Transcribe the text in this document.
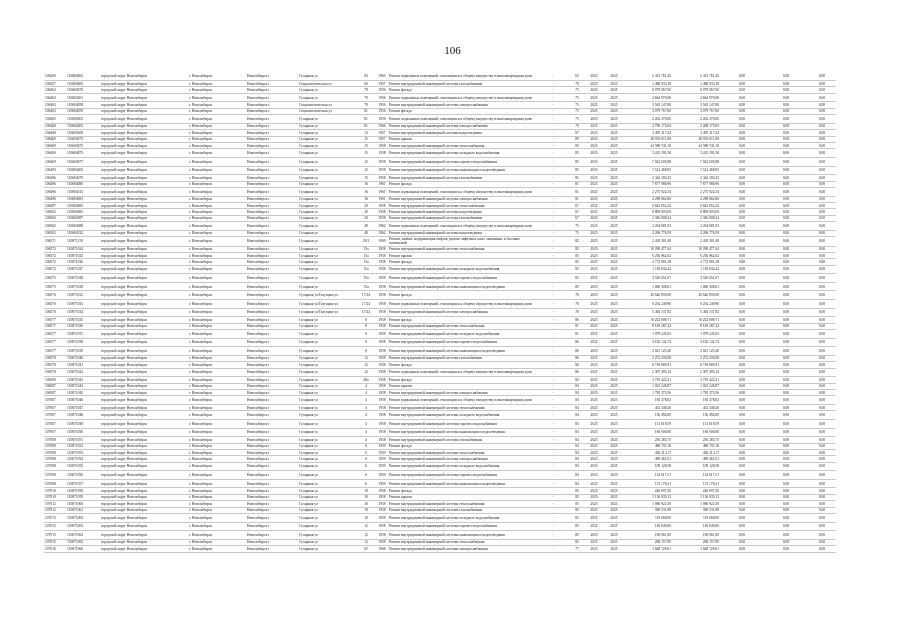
106
106456	110684063	городской округ Новосибирск	г. Новосибирск	Новосибирск г	Сухарная ул	83	1963	Ремонт подвальных помещений, относящихся к общему имуществу в многоквартирном доме	-	65	2025	2025	2 415 761,45	2 415 761,45	0,00	0,00	0,00
106457	110684065	городской округ Новосибирск	г. Новосибирск	Новосибирск г	Социалистическая ул	66	1957	Ремонт внутридомовой инженерной системы газоснабжения	-	79	2025	2025	1 480 933,18	1 480 933,18	0,00	0,00	0,00
106462	110684070	городской округ Новосибирск	г. Новосибирск	Новосибирск г	Сухарная ул	79	1956	Ремонт фасада	-	75	2025	2025	8 079 967,00	8 079 967,00	0,00	0,00	0,00
106463	110684301	городской округ Новосибирск	г. Новосибирск	Новосибирск г	Сухарная ул	79	1956	Ремонт подвальных помещений, относящихся к общему имуществу в многоквартирном доме	-	75	2025	2025	2 664 970,00	2 664 970,00	0,00	0,00	0,00
106463	110684058	городской округ Новосибирск	г. Новосибирск	Новосибирск г	Социалистическая ул	79	1956	Ремонт внутридомовой инженерной системы электроснабжения	-	75	2025	2025	3 543 147,00	3 543 147,00	0,00	0,00	0,00
106463	110684059	городской округ Новосибирск	г. Новосибирск	Новосибирск г	Социалистическая ул	81	1956	Ремонт фасада	-	75	2025	2025	3 079 767,00	3 079 767,00	0,00	0,00	0,00
106465	110684303	городской округ Новосибирск	г. Новосибирск	Новосибирск г	Сухарная ул	81	1956	Ремонт подвальных помещений, относящихся к общему имуществу в многоквартирном доме	-	75	2025	2025	2 264 470,00	2 264 470,00	0,00	0,00	0,00
106468	110684305	городской округ Новосибирск	г. Новосибирск	Новосибирск г	Сухарная ул	81	1966	Ремонт внутридомовой инженерной системы электроснабжения	-	79	2025	2025	2 796 173,94	2 208 175,83	0,00	0,00	0,00
106468	110684308	городской округ Новосибирск	г. Новосибирск	Новосибирск г	Сухарная ул	13	1957	Ремонт внутридомовой инженерной системы водоотведения	-	87	2025	2025	3 491 117,24	3 491 117,24	0,00	0,00	0,00
106469	110684073	городской округ Новосибирск	г. Новосибирск	Новосибирск г	Сухарная ул	15	1957	Ремонт крыши	-	89	2025	2025	20 053 011,80	20 053 011,80	0,00	0,00	0,00
106469	110684075	городской округ Новосибирск	г. Новосибирск	Новосибирск г	Сухарная ул	15	1958	Ремонт внутридомовой инженерной системы теплоснабжения	-	85	2025	2025	24 580 741,10	24 580 741,10	0,00	0,00	0,00
106469	110684075	городской округ Новосибирск	г. Новосибирск	Новосибирск г	Сухарная ул	15	1958	Ремонт внутридомовой инженерной системы холодного водоснабжения	-	85	2025	2025	5 225 391,58	5 225 391,58	0,00	0,00	0,00
106469	110684077	городской округ Новосибирск	г. Новосибирск	Новосибирск г	Сухарная ул	15	1958	Ремонт внутридомовой инженерной системы горячего водоснабжения	-	85	2025	2025	7 022 605,88	7 022 605,88	0,00	0,00	0,00
106493	110684205	городской округ Новосибирск	г. Новосибирск	Новосибирск г	Сухарная ул	15	1958	Ремонт внутридомовой инженерной системы канализации и водоотведения	-	85	2025	2025	1 521 468,95	1 521 468,95	0,00	0,00	0,00
106496	110684079	городской округ Новосибирск	г. Новосибирск	Новосибирск г	Сухарная ул	15	1958	Ремонт внутридомовой инженерной системы газоснабжения	-	85	2025	2025	2 342 203,33	2 342 203,33	0,00	0,00	0,00
106496	110684080	городской округ Новосибирск	г. Новосибирск	Новосибирск г	Сухарная ул	16	1961	Ремонт фасада	-	81	2025	2025	7 677 986,96	7 677 986,96	0,00	0,00	0,00
106496	110684313	городской округ Новосибирск	г. Новосибирск	Новосибирск г	Сухарная ул	16	1961	Ремонт подвальных помещений, относящихся к общему имуществу в многоквартирном доме	-	81	2025	2025	2 275 922,54	2 275 922,54	0,00	0,00	0,00
106496	110684081	городской округ Новосибирск	г. Новосибирск	Новосибирск г	Сухарная ул	16	1961	Ремонт внутридомовой инженерной системы электроснабжения	-	81	2025	2025	4 298 862,80	4 298 862,80	0,00	0,00	0,00
106497	110684083	городской округ Новосибирск	г. Новосибирск	Новосибирск г	Сухарная ул	20	1958	Ремонт внутридомовой инженерной системы теплоснабжения	-	67	2025	2025	6 842 852,22	6 842 852,22	0,00	0,00	0,00
106502	110684082	городской округ Новосибирск	г. Новосибирск	Новосибирск г	Сухарная ул	20	1958	Ремонт внутридомовой инженерной системы водоотведения	-	67	2025	2025	8 809 905,06	8 809 905,06	0,00	0,00	0,00
106502	110684087	городской округ Новосибирск	г. Новосибирск	Новосибирск г	Сухарная ул	20	1958	Ремонт внутридомовой инженерной системы газоснабжения	-	67	2025	2025	2 326 808,24	2 326 808,24	0,00	0,00	0,00
106502	110684088	городской округ Новосибирск	г. Новосибирск	Новосибирск г	Сухарная ул	48	1962	Ремонт подвальных помещений, относящихся к общему имуществу в многоквартирном доме	-	75	2025	2025	2 264 081,03	2 264 081,03	0,00	0,00	0,00
106502	110684322	городской округ Новосибирск	г. Новосибирск	Новосибирск г	Сухарная ул	48	1962	Ремонт внутридомовой инженерной системы водоотведения	-	75	2025	2025	2 206 776,59	2 206 776,59	0,00	0,00	0,00
106571	110871110	городской округ Новосибирск	г. Новосибирск	Новосибирск г	Сухарная ул	29/1	1969	Ремонт, замена, модернизация лифтов, ремонт лифтовых шахт, машинных и блочных помещений	-	82	2025	2025	2 410 301,40	2 410 301,40	0,00	0,00	0,00
106572	110871024	городской округ Новосибирск	г. Новосибирск	Новосибирск г	Сухарная ул	15а	1958	Ремонт внутридомовой инженерной системы теплоснабжения	-	85	2025	2025	10 299 477,44	10 299 477,44	0,00	0,00	0,00
106572	110871025	городской округ Новосибирск	г. Новосибирск	Новосибирск г	Сухарная ул	15а	1958	Ремонт крыши	-	85	2025	2025	6 256 862,62	6 256 862,62	0,00	0,00	0,00
106572	110871026	городской округ Новосибирск	г. Новосибирск	Новосибирск г	Сухарная ул	15а	1958	Ремонт фасада	-	85	2025	2025	4 772 801,38	4 772 801,38	0,00	0,00	0,00
106572	110871027	городской округ Новосибирск	г. Новосибирск	Новосибирск г	Сухарная ул	15а	1958	Ремонт внутридомовой инженерной системы холодного водоснабжения	-	85	2025	2025	1 118 634,42	1 118 634,42	0,00	0,00	0,00
106575	110871028	городской округ Новосибирск	г. Новосибирск	Новосибирск г	Сухарная ул	15а	1958	Ремонт внутридомовой инженерной системы горячего водоснабжения	-	85	2025	2025	2 520 651,67	2 520 651,67	0,00	0,00	0,00
106575	110871029	городской округ Новосибирск	г. Новосибирск	Новосибирск г	Сухарная ул	15а	1958	Ремонт внутридомовой инженерной системы канализации и водоотведения	-	85	2025	2025	1 060 308,61	1 060 308,61	0,00	0,00	0,00
106576	110871032	городской округ Новосибирск	г. Новосибирск	Новосибирск г	Сухарная ул/Галущака ул	17/24	1958	Ремонт фасада	-	76	2025	2025	20 646 859,00	20 646 859,00	0,00	0,00	0,00
106576	110871033	городской округ Новосибирск	г. Новосибирск	Новосибирск г	Сухарная ул/Галущака ул	17/24	1958	Ремонт подвальных помещений, относящихся к общему имуществу в многоквартирном доме	-	76	2025	2025	6 254 249,90	6 254 249,90	0,00	0,00	0,00
106576	110871034	городской округ Новосибирск	г. Новосибирск	Новосибирск г	Сухарная ул/Галущака ул	17/24	1958	Ремонт внутридомовой инженерной системы электроснабжения	-	76	2025	2025	5 463 137,02	5 463 137,02	0,00	0,00	0,00
106577	110871035	городской округ Новосибирск	г. Новосибирск	Новосибирск г	Сухарная ул	8	1958	Ремонт фасада	-	86	2025	2025	10 232 009,71	10 232 009,71	0,00	0,00	0,00
106577	110871036	городской округ Новосибирск	г. Новосибирск	Новосибирск г	Сухарная ул	8	1958	Ремонт внутридомовой инженерной системы теплоснабжения	-	81	2025	2025	8 149 287,24	8 149 287,24	0,00	0,00	0,00
106577	110871037	городской округ Новосибирск	г. Новосибирск	Новосибирск г	Сухарная ул	8	1958	Ремонт внутридомовой инженерной системы холодного водоснабжения	-	81	2025	2025	1 979 245,03	1 979 245,03	0,00	0,00	0,00
106577	110871038	городской округ Новосибирск	г. Новосибирск	Новосибирск г	Сухарная ул	8	1958	Ремонт внутридомовой инженерной системы горячего водоснабжения	-	86	2025	2025	2 182 142,74	2 182 142,74	0,00	0,00	0,00
106577	110871039	городской округ Новосибирск	г. Новосибирск	Новосибирск г	Сухарная ул	8	1958	Ремонт внутридомовой инженерной системы канализации и водоотведения	-	86	2025	2025	2 021 125,40	2 021 125,40	0,00	0,00	0,00
106578	110871040	городской округ Новосибирск	г. Новосибирск	Новосибирск г	Сухарная ул	12	1958	Ремонт внутридомовой инженерной системы газоснабжения	-	86	2025	2025	2 272 230,08	2 272 230,08	0,00	0,00	0,00
106578	110871041	городской округ Новосибирск	г. Новосибирск	Новосибирск г	Сухарная ул	12	1958	Ремонт фасада	-	86	2025	2025	8 718 889,91	8 718 889,91	0,00	0,00	0,00
106578	110871042	городской округ Новосибирск	г. Новосибирск	Новосибирск г	Сухарная ул	12	1958	Ремонт подвальных помещений, относящихся к общему имуществу в многоквартирном доме	-	86	2025	2025	2 397 493,14	2 397 493,14	0,00	0,00	0,00
106580	110871043	городской округ Новосибирск	г. Новосибирск	Новосибирск г	Сухарная ул	48а	1958	Ремонт фасада	-	82	2025	2025	3 719 422,21	3 719 422,21	0,00	0,00	0,00
106587	110871044	городской округ Новосибирск	г. Новосибирск	Новосибирск г	Сухарная ул	4	1958	Ремонт крыши	-	84	2025	2025	1 023 245,87	1 023 245,87	0,00	0,00	0,00
106587	110871045	городской округ Новосибирск	г. Новосибирск	Новосибирск г	Сухарная ул	4	1958	Ремонт внутридомовой инженерной системы электроснабжения	-	84	2025	2025	1 795 373,56	1 795 373,56	0,00	0,00	0,00
107007	110871046	городской округ Новосибирск	г. Новосибирск	Новосибирск г	Сухарная ул	4	1958	Ремонт подвальных помещений, относящихся к общему имуществу в многоквартирном доме	-	84	2025	2025	183 378,82	183 378,82	0,00	0,00	0,00
107007	110871047	городской округ Новосибирск	г. Новосибирск	Новосибирск г	Сухарная ул	4	1958	Ремонт внутридомовой инженерной системы теплоснабжения	-	84	2025	2025	452 348,26	452 348,26	0,00	0,00	0,00
107007	110871048	городской округ Новосибирск	г. Новосибирск	Новосибирск г	Сухарная ул	4	1958	Ремонт внутридомовой инженерной системы холодного водоснабжения	-	84	2025	2025	156 492,00	156 492,00	0,00	0,00	0,00
107007	110871049	городской округ Новосибирск	г. Новосибирск	Новосибирск г	Сухарная ул	4	1958	Ремонт внутридомовой инженерной системы горячего водоснабжения	-	84	2025	2025	151 618,59	151 618,59	0,00	0,00	0,00
107007	110871050	городской округ Новосибирск	г. Новосибирск	Новосибирск г	Сухарная ул	4	1958	Ремонт внутридомовой инженерной системы канализации и водоотведения	-	84	2025	2025	160 600,00	160 600,00	0,00	0,00	0,00
107008	110871051	городской округ Новосибирск	г. Новосибирск	Новосибирск г	Сухарная ул	4	1958	Ремонт внутридомовой инженерной системы газоснабжения	-	84	2025	2025	256 283,75	256 283,75	0,00	0,00	0,00
107008	110871052	городской округ Новосибирск	г. Новосибирск	Новосибирск г	Сухарная ул	6	1959	Ремонт фасада	-	84	2025	2025	486 701,16	486 701,16	0,00	0,00	0,00
107008	110871053	городской округ Новосибирск	г. Новосибирск	Новосибирск г	Сухарная ул	6	1959	Ремонт внутридомовой инженерной системы теплоснабжения	-	84	2025	2025	436 213,17	436 213,17	0,00	0,00	0,00
107008	110871054	городской округ Новосибирск	г. Новосибирск	Новосибирск г	Сухарная ул	6	1959	Ремонт внутридомовой инженерной системы электроснабжения	-	84	2025	2025	499 465,51	499 465,51	0,00	0,00	0,00
107008	110871055	городской округ Новосибирск	г. Новосибирск	Новосибирск г	Сухарная ул	6	1959	Ремонт внутридомовой инженерной системы холодного водоснабжения	-	84	2025	2025	109 128,58	109 128,58	0,00	0,00	0,00
107008	110871056	городской округ Новосибирск	г. Новосибирск	Новосибирск г	Сухарная ул	6	1959	Ремонт внутридомовой инженерной системы горячего водоснабжения	-	84	2025	2025	123 617,21	123 617,21	0,00	0,00	0,00
107008	110871057	городской округ Новосибирск	г. Новосибирск	Новосибирск г	Сухарная ул	6	1959	Ремонт внутридомовой инженерной системы канализации и водоотведения	-	84	2025	2025	131 178,41	131 178,41	0,00	0,00	0,00
107010	110871058	городской округ Новосибирск	г. Новосибирск	Новосибирск г	Сухарная ул	10	1958	Ремонт фасада	-	85	2025	2025	220 697,20	220 697,20	0,00	0,00	0,00
107010	110871059	городской округ Новосибирск	г. Новосибирск	Новосибирск г	Сухарная ул	10	1958	Ремонт крыши	-	85	2025	2025	1 136 835,13	1 136 835,13	0,00	0,00	0,00
107012	110871060	городской округ Новосибирск	г. Новосибирск	Новосибирск г	Сухарная ул	10	1958	Ремонт внутридомовой инженерной системы теплоснабжения	-	85	2025	2025	1 060 922,58	1 060 922,58	0,00	0,00	0,00
107012	110871061	городской округ Новосибирск	г. Новосибирск	Новосибирск г	Сухарная ул	10	1958	Ремонт внутридомовой инженерной системы газоснабжения	-	85	2025	2025	390 531,88	390 531,88	0,00	0,00	0,00
107013	110871062	городской округ Новосибирск	г. Новосибирск	Новосибирск г	Сухарная ул	10	1958	Ремонт внутридомовой инженерной системы холодного водоснабжения	-	85	2025	2025	119 068,00	119 068,00	0,00	0,00	0,00
107015	110871063	городской округ Новосибирск	г. Новосибирск	Новосибирск г	Сухарная ул	12	1958	Ремонт внутридомовой инженерной системы горячего водоснабжения	-	85	2025	2025	149 849,00	149 849,00	0,00	0,00	0,00
107015	110871064	городской округ Новосибирск	г. Новосибирск	Новосибирск г	Сухарная ул	12	1958	Ремонт внутридомовой инженерной системы канализации и водоотведения	-	85	2025	2025	100 061,00	100 061,00	0,00	0,00	0,00
107015	110871065	городской округ Новосибирск	г. Новосибирск	Новосибирск г	Сухарная ул	12	1958	Ремонт внутридомовой инженерной системы теплоснабжения	-	85	2025	2025	206 157,00	206 157,00	0,00	0,00	0,00
107016	110871066	городской округ Новосибирск	г. Новосибирск	Новосибирск г	Сухарная ул	65	1968	Ремонт внутридомовой инженерной системы электроснабжения	-	77	2025	2025	1 648 720,01	1 648 720,01	0,00	0,00	0,00
